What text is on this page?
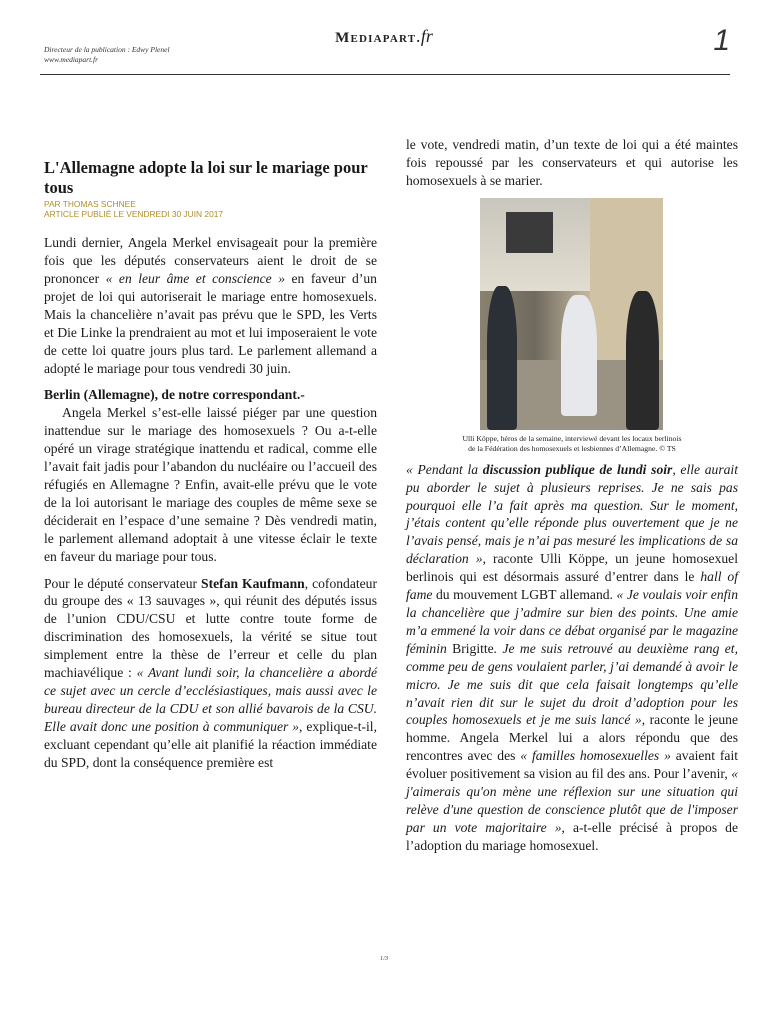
Directeur de la publication : Edwy Plenel
www.mediapart.fr
Mediapart.fr	1
L'Allemagne adopte la loi sur le mariage pour tous
PAR THOMAS SCHNEE
ARTICLE PUBLIÉ LE VENDREDI 30 JUIN 2017

Lundi dernier, Angela Merkel envisageait pour la première fois que les députés conservateurs aient le droit de se prononcer « en leur âme et conscience » en faveur d’un projet de loi qui autoriserait le mariage entre homosexuels. Mais la chancelière n’avait pas prévu que le SPD, les Verts et Die Linke la prendraient au mot et lui imposeraient le vote de cette loi quatre jours plus tard. Le parlement allemand a adopté le mariage pour tous vendredi 30 juin.

Berlin (Allemagne), de notre correspondant.-

Angela Merkel s’est-elle laissé piéger par une question inattendue sur le mariage des homosexuels ? Ou a-t-elle opéré un virage stratégique inattendu et radical, comme elle l’avait fait jadis pour l’abandon du nucléaire ou l’accueil des réfugiés en Allemagne ? Enfin, avait-elle prévu que le vote de la loi autorisant le mariage des couples de même sexe se déciderait en l’espace d’une semaine ? Dès vendredi matin, le parlement allemand adoptait à une vitesse éclair le texte en faveur du mariage pour tous.

Pour le député conservateur Stefan Kaufmann, cofondateur du groupe des « 13 sauvages », qui réunit des députés issus de l’union CDU/CSU et lutte contre toute forme de discrimination des homosexuels, la vérité se situe tout simplement entre la thèse de l’erreur et celle du plan machiavélique : « Avant lundi soir, la chancelière a abordé ce sujet avec un cercle d’ecclésiastiques, mais aussi avec le bureau directeur de la CDU et son allié bavarois de la CSU. Elle avait donc une position à communiquer », explique-t-il, excluant cependant qu’elle ait planifié la réaction immédiate du SPD, dont la conséquence première est

le vote, vendredi matin, d’un texte de loi qui a été maintes fois repoussé par les conservateurs et qui autorise les homosexuels à se marier.

Ulli Köppe, héros de la semaine, interviewé devant les locaux berlinois
de la Fédération des homosexuels et lesbiennes d’Allemagne. © TS

« Pendant la discussion publique de lundi soir, elle aurait pu aborder le sujet à plusieurs reprises. Je ne sais pas pourquoi elle l’a fait après ma question. Sur le moment, j’étais content qu’elle réponde plus ouvertement que je ne l’avais pensé, mais je n’ai pas mesuré les implications de sa déclaration », raconte Ulli Köppe, un jeune homosexuel berlinois qui est désormais assuré d’entrer dans le hall of fame du mouvement LGBT allemand. « Je voulais voir enfin la chancelière que j’admire sur bien des points. Une amie m’a emmené la voir dans ce débat organisé par le magazine féminin Brigitte. Je me suis retrouvé au deuxième rang et, comme peu de gens voulaient parler, j’ai demandé à avoir le micro. Je me suis dit que cela faisait longtemps qu’elle n’avait rien dit sur le sujet du droit d’adoption pour les couples homosexuels et je me suis lancé », raconte le jeune homme. Angela Merkel lui a alors répondu que des rencontres avec des « familles homosexuelles » avaient fait évoluer positivement sa vision au fil des ans. Pour l’avenir, « j'aimerais qu'on mène une réflexion sur une situation qui relève d'une question de conscience plutôt que de l'imposer par un vote majoritaire », a-t-elle précisé à propos de l’adoption du mariage homosexuel.

1/3
